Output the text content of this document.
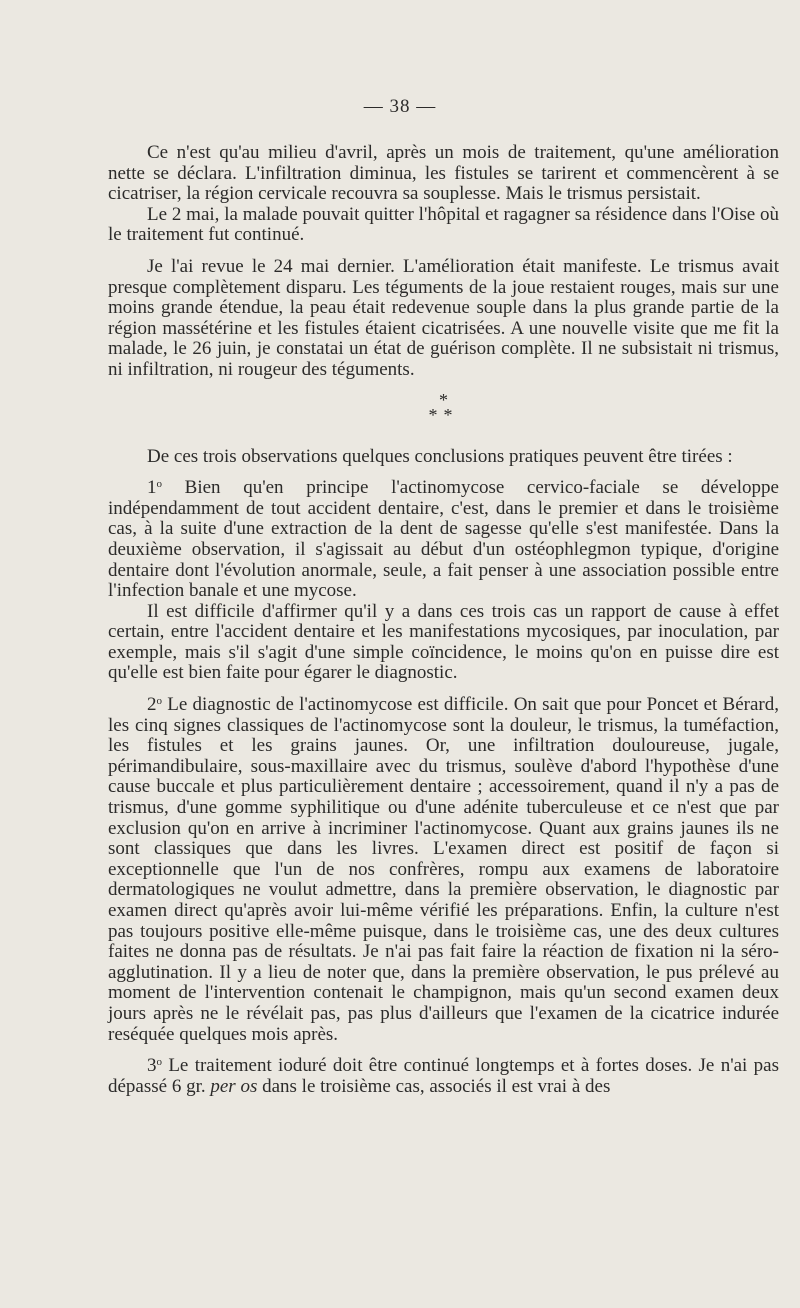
— 38 —

Ce n'est qu'au milieu d'avril, après un mois de traitement, qu'une amélioration nette se déclara. L'infiltration diminua, les fistules se tarirent et commencèrent à se cicatriser, la région cervicale recouvra sa souplesse. Mais le trismus persistait.

Le 2 mai, la malade pouvait quitter l'hôpital et ragagner sa résidence dans l'Oise où le traitement fut continué.

Je l'ai revue le 24 mai dernier. L'amélioration était manifeste. Le trismus avait presque complètement disparu. Les téguments de la joue restaient rouges, mais sur une moins grande étendue, la peau était redevenue souple dans la plus grande partie de la région massétérine et les fistules étaient cicatrisées. A une nouvelle visite que me fit la malade, le 26 juin, je constatai un état de guérison complète. Il ne subsistait ni trismus, ni infiltration, ni rougeur des téguments.

*
**

De ces trois observations quelques conclusions pratiques peuvent être tirées :

1$^o$ Bien qu'en principe l'actinomycose cervico-faciale se développe indépendamment de tout accident dentaire, c'est, dans le premier et dans le troisième cas, à la suite d'une extraction de la dent de sagesse qu'elle s'est manifestée. Dans la deuxième observation, il s'agissait au début d'un ostéophlegmon typique, d'origine dentaire dont l'évolution anormale, seule, a fait penser à une association possible entre l'infection banale et une mycose.

Il est difficile d'affirmer qu'il y a dans ces trois cas un rapport de cause à effet certain, entre l'accident dentaire et les manifestations mycosiques, par inoculation, par exemple, mais s'il s'agit d'une simple coïncidence, le moins qu'on en puisse dire est qu'elle est bien faite pour égarer le diagnostic.

2$^o$ Le diagnostic de l'actinomycose est difficile. On sait que pour Poncet et Bérard, les cinq signes classiques de l'actinomycose sont la douleur, le trismus, la tuméfaction, les fistules et les grains jaunes. Or, une infiltration douloureuse, jugale, périmandibulaire, sous-maxillaire avec du trismus, soulève d'abord l'hypothèse d'une cause buccale et plus particulièrement dentaire ; accessoirement, quand il n'y a pas de trismus, d'une gomme syphilitique ou d'une adénite tuberculeuse et ce n'est que par exclusion qu'on en arrive à incriminer l'actinomycose. Quant aux grains jaunes ils ne sont classiques que dans les livres. L'examen direct est positif de façon si exceptionnelle que l'un de nos confrères, rompu aux examens de laboratoire dermatologiques ne voulut admettre, dans la première observation, le diagnostic par examen direct qu'après avoir lui-même vérifié les préparations. Enfin, la culture n'est pas toujours positive elle-même puisque, dans le troisième cas, une des deux cultures faites ne donna pas de résultats. Je n'ai pas fait faire la réaction de fixation ni la séro-agglutination. Il y a lieu de noter que, dans la première observation, le pus prélevé au moment de l'intervention contenait le champignon, mais qu'un second examen deux jours après ne le révélait pas, pas plus d'ailleurs que l'examen de la cicatrice indurée reséquée quelques mois après.

3$^o$ Le traitement ioduré doit être continué longtemps et à fortes doses. Je n'ai pas dépassé 6 gr. per os dans le troisième cas, associés il est vrai à des
